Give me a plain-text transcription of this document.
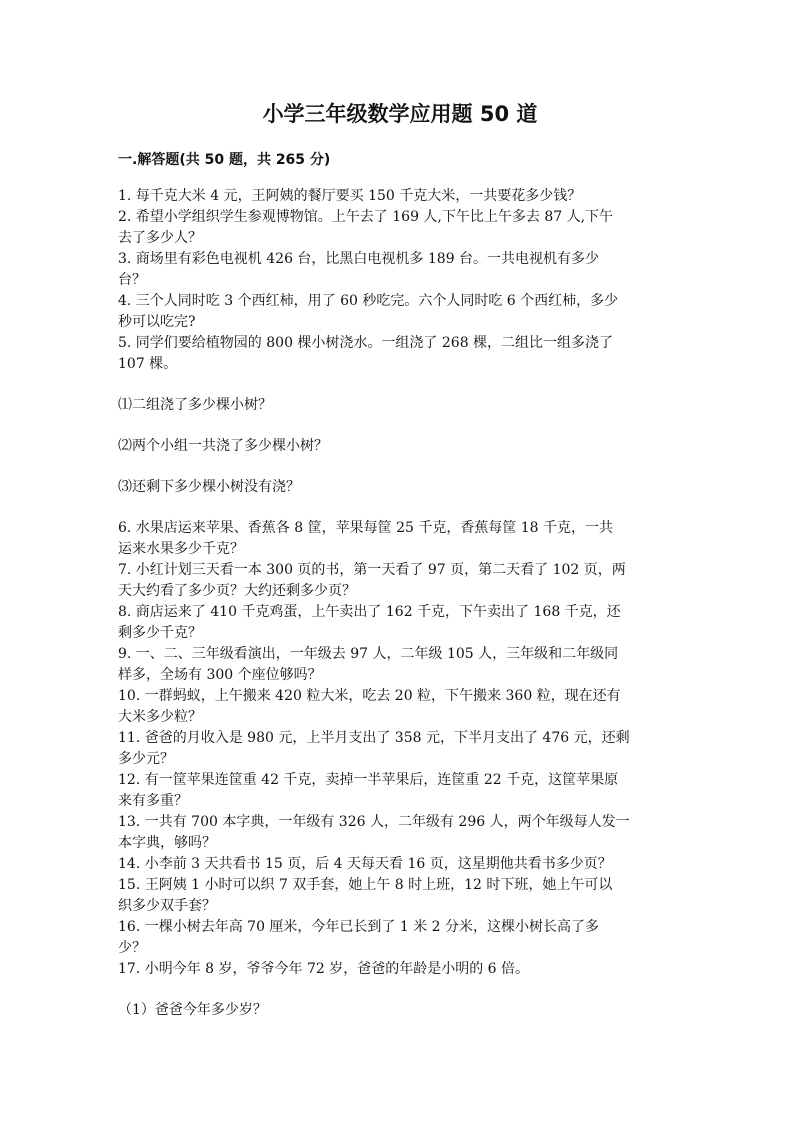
小学三年级数学应用题 50 道
一.解答题(共 50 题，共 265 分)

1. 每千克大米 4 元，王阿姨的餐厅要买 150 千克大米，一共要花多少钱？

2. 希望小学组织学生参观博物馆。上午去了 169 人,下午比上午多去 87 人,下午
去了多少人？

3. 商场里有彩色电视机 426 台，比黑白电视机多 189 台。一共电视机有多少
台？

4. 三个人同时吃 3 个西红柿，用了 60 秒吃完。六个人同时吃 6 个西红柿，多少
秒可以吃完?

5. 同学们要给植物园的 800 棵小树浇水。一组浇了 268 棵，二组比一组多浇了
107 棵。

⑴二组浇了多少棵小树？

⑵两个小组一共浇了多少棵小树？

⑶还剩下多少棵小树没有浇？

6. 水果店运来苹果、香蕉各 8 筐，苹果每筐 25 千克，香蕉每筐 18 千克，一共
运来水果多少千克？

7. 小红计划三天看一本 300 页的书，第一天看了 97 页，第二天看了 102 页，两
天大约看了多少页？大约还剩多少页？

8. 商店运来了 410 千克鸡蛋，上午卖出了 162 千克，下午卖出了 168 千克，还
剩多少千克？

9. 一、二、三年级看演出，一年级去 97 人，二年级 105 人，三年级和二年级同
样多，全场有 300 个座位够吗？

10. 一群蚂蚁，上午搬来 420 粒大米，吃去 20 粒，下午搬来 360 粒，现在还有
大米多少粒？

11. 爸爸的月收入是 980 元，上半月支出了 358 元，下半月支出了 476 元，还剩
多少元？

12. 有一筐苹果连筐重 42 千克，卖掉一半苹果后，连筐重 22 千克，这筐苹果原
来有多重？

13. 一共有 700 本字典，一年级有 326 人，二年级有 296 人，两个年级每人发一
本字典，够吗？

14. 小李前 3 天共看书 15 页，后 4 天每天看 16 页，这星期他共看书多少页？

15. 王阿姨 1 小时可以织 7 双手套，她上午 8 时上班，12 时下班，她上午可以
织多少双手套？

16. 一棵小树去年高 70 厘米，今年已长到了 1 米 2 分米，这棵小树长高了多
少？

17. 小明今年 8 岁，爷爷今年 72 岁，爸爸的年龄是小明的 6 倍。

（1）爸爸今年多少岁？
